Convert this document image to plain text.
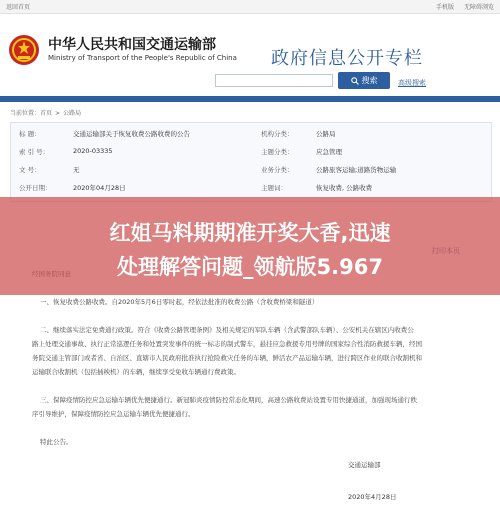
返回首页	手机版 无障碍浏览
中华人民共和国交通运输部
Ministry of Transport of the People's Republic of China 政府信息公开专栏
搜索	高级搜索
当前位置：首页 > 公路局
标 题：	交通运输部关于恢复收费公路收费的公告	机构分类：	公路局
索 引 号：	2020-03335	主题分类：	应急管理
文 号：	无	业务分类：	公路旅客运输;道路货物运输
公开日期：	2020年04月28日	主题词：	恢复收费, 公路收费

一、恢复收费公路收费。自2020年5月6日零时起，经依法批准的收费公路（含收费桥梁和隧道）

二、继续落实法定免费通行政策。符合《收费公路管理条例》及相关规定的军队车辆（含武警部队车辆）、公安机关在辖区内收费公

路上处理交通事故、执行正常巡逻任务和处置突发事件的统一标志的制式警车，悬挂应急救援专用号牌的国家综合性消防救援车辆，经国

务院交通主管部门或者省、自治区、直辖市人民政府批准执行抢险救灾任务的车辆，鲜活农产品运输车辆，进行跨区作业的联合收割机和

运输联合收割机（包括插秧机）的车辆，继续享受免收车辆通行费政策。

三、保障疫情防控应急运输车辆优先便捷通行。新冠肺炎疫情防控常态化期间，高速公路收费站设置专用快捷通道，加强现场通行秩

序引导维护，保障疫情防控应急运输车辆优先便捷通行。

特此公告。

交通运输部
2020年4月28日
红姐马料期期准开奖大香,迅速
处理解答问题_领航版5.967
